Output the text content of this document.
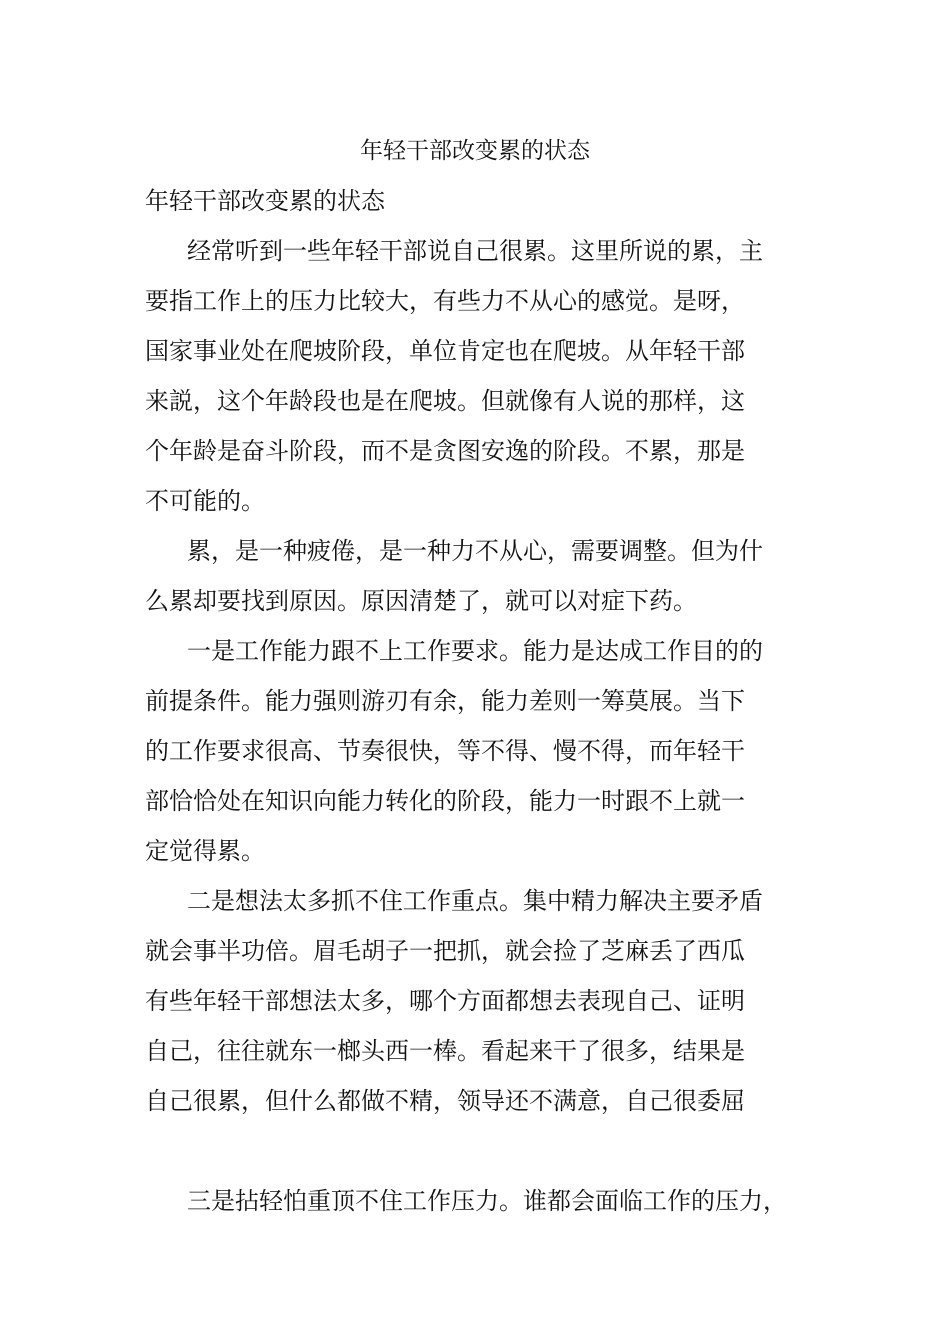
年轻干部改变累的状态
年轻干部改变累的状态
经常听到一些年轻干部说自己很累。这里所说的累，主
要指工作上的压力比较大，有些力不从心的感觉。是呀，
国家事业处在爬坡阶段，单位肯定也在爬坡。从年轻干部
来説，这个年龄段也是在爬坡。但就像有人说的那样，这
个年龄是奋斗阶段，而不是贪图安逸的阶段。不累，那是
不可能的。
累，是一种疲倦，是一种力不从心，需要调整。但为什
么累却要找到原因。原因清楚了，就可以对症下药。
一是工作能力跟不上工作要求。能力是达成工作目的的
前提条件。能力强则游刃有余，能力差则一筹莫展。当下
的工作要求很高、节奏很快，等不得、慢不得，而年轻干
部恰恰处在知识向能力转化的阶段，能力一时跟不上就一
定觉得累。
二是想法太多抓不住工作重点。集中精力解决主要矛盾
就会事半功倍。眉毛胡子一把抓，就会捡了芝麻丢了西瓜
有些年轻干部想法太多，哪个方面都想去表现自己、证明
自己，往往就东一榔头西一棒。看起来干了很多，结果是
自己很累，但什么都做不精，领导还不满意，自己很委屈
三是拈轻怕重顶不住工作压力。谁都会面临工作的压力，
